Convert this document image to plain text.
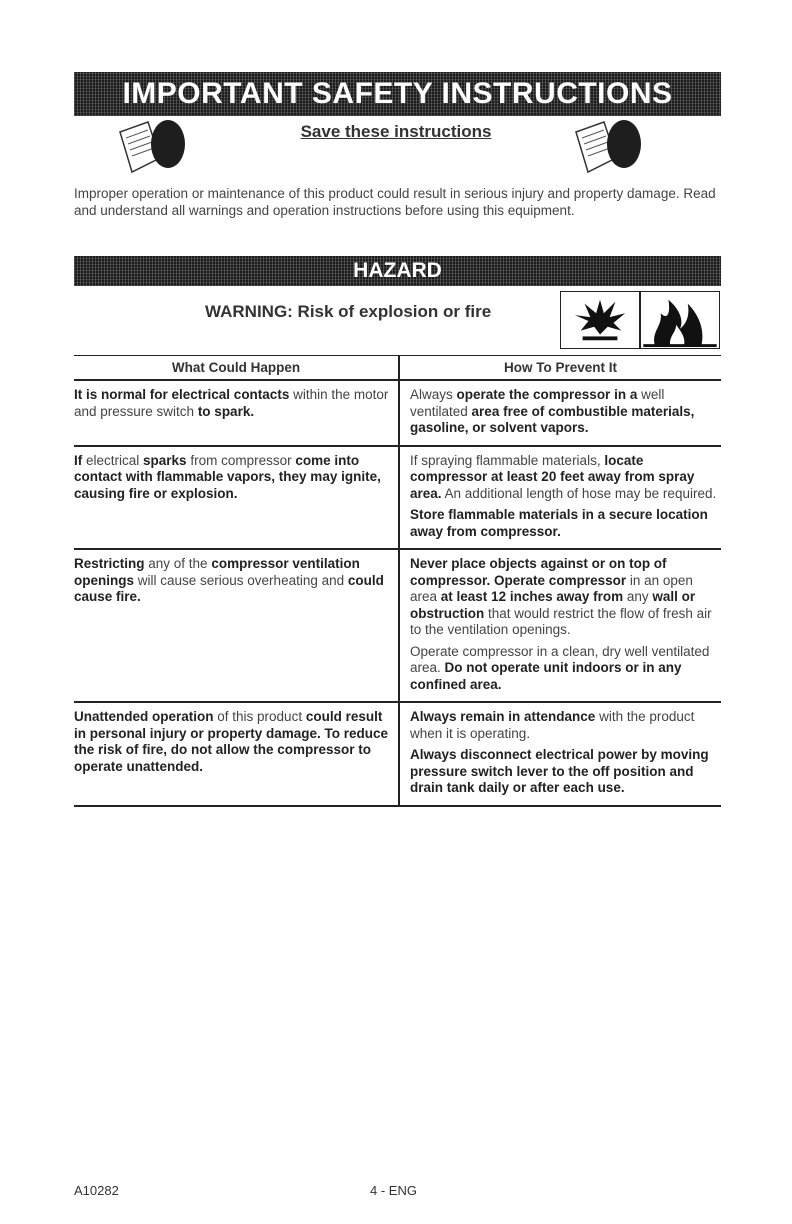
IMPORTANT SAFETY INSTRUCTIONS
Save these instructions

Improper operation or maintenance of this product could result in serious injury and property damage. Read and understand all warnings and operation instructions before using this equipment.

HAZARD
WARNING: Risk of explosion or fire
What Could Happen	How To Prevent It

It is normal for electrical contacts within the motor and pressure switch to spark.

Always operate the compressor in a well ventilated area free of combustible materials, gasoline, or solvent vapors.

If electrical sparks from compressor come into contact with flammable vapors, they may ignite, causing fire or explosion.

If spraying flammable materials, locate compressor at least 20 feet away from spray area. An additional length of hose may be required.

Store flammable materials in a secure location away from compressor.

Restricting any of the compressor ventilation openings will cause serious overheating and could cause fire.

Never place objects against or on top of compressor. Operate compressor in an open area at least 12 inches away from any wall or obstruction that would restrict the flow of fresh air to the ventilation openings.

Operate compressor in a clean, dry well ventilated area. Do not operate unit indoors or in any confined area.

Unattended operation of this product could result in personal injury or property damage. To reduce the risk of fire, do not allow the compressor to operate unattended.

Always remain in attendance with the product when it is operating.

Always disconnect electrical power by moving pressure switch lever to the off position and drain tank daily or after each use.

A10282	4 - ENG
